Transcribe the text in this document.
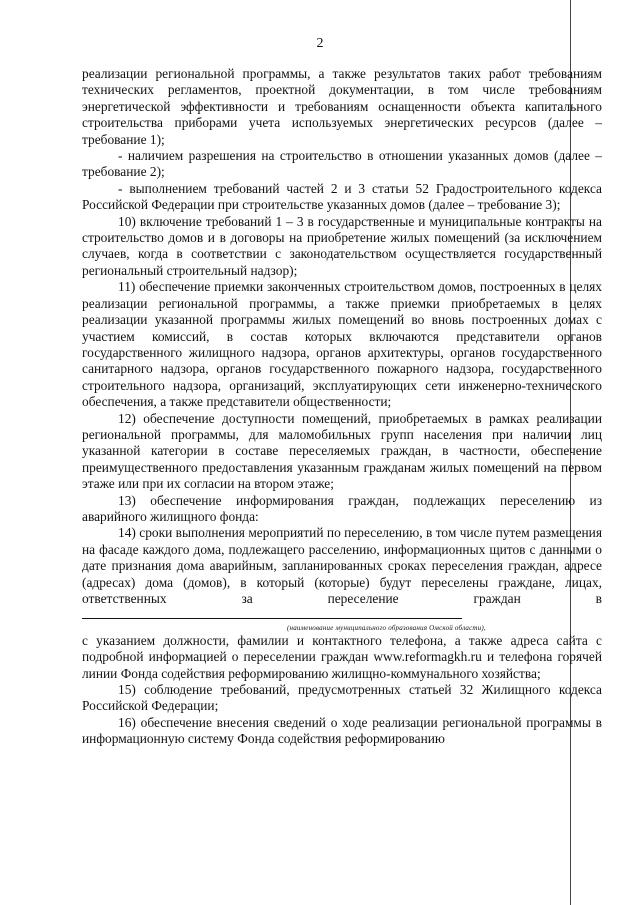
2

реализации региональной программы, а также результатов таких работ требованиям технических регламентов, проектной документации, в том числе требованиям энергетической эффективности и требованиям оснащенности объекта капитального строительства приборами учета используемых энергетических ресурсов (далее – требование 1);

- наличием разрешения на строительство в отношении указанных домов (далее – требование 2);

- выполнением требований частей 2 и 3 статьи 52 Градостроительного кодекса Российской Федерации при строительстве указанных домов (далее – требование 3);

10) включение требований 1 – 3 в государственные и муниципальные контракты на строительство домов и в договоры на приобретение жилых помещений (за исключением случаев, когда в соответствии с законодательством осуществляется государственный региональный строительный надзор);

11) обеспечение приемки законченных строительством домов, построенных в целях реализации региональной программы, а также приемки приобретаемых в целях реализации указанной программы жилых помещений во вновь построенных домах с участием комиссий, в состав которых включаются представители органов государственного жилищного надзора, органов архитектуры, органов государственного санитарного надзора, органов государственного пожарного надзора, государственного строительного надзора, организаций, эксплуатирующих сети инженерно-технического обеспечения, а также представители общественности;

12) обеспечение доступности помещений, приобретаемых в рамках реализации региональной программы, для маломобильных групп населения при наличии лиц указанной категории в составе переселяемых граждан, в частности, обеспечение преимущественного предоставления указанным гражданам жилых помещений на первом этаже или при их согласии на втором этаже;

13) обеспечение информирования граждан, подлежащих переселению из аварийного жилищного фонда:

14) сроки выполнения мероприятий по переселению, в том числе путем размещения на фасаде каждого дома, подлежащего расселению, информационных щитов с данными о дате признания дома аварийным, запланированных сроках переселения граждан, адресе (адресах) дома (домов), в который (которые) будут переселены граждане, лицах, ответственных за переселение граждан в

(наименование муниципального образования Омской области),

с указанием должности, фамилии и контактного телефона, а также адреса сайта с подробной информацией о переселении граждан www.reformagkh.ru и телефона горячей линии Фонда содействия реформированию жилищно-коммунального хозяйства;

15) соблюдение требований, предусмотренных статьей 32 Жилищного кодекса Российской Федерации;

16) обеспечение внесения сведений о ходе реализации региональной программы в информационную систему Фонда содействия реформированию
